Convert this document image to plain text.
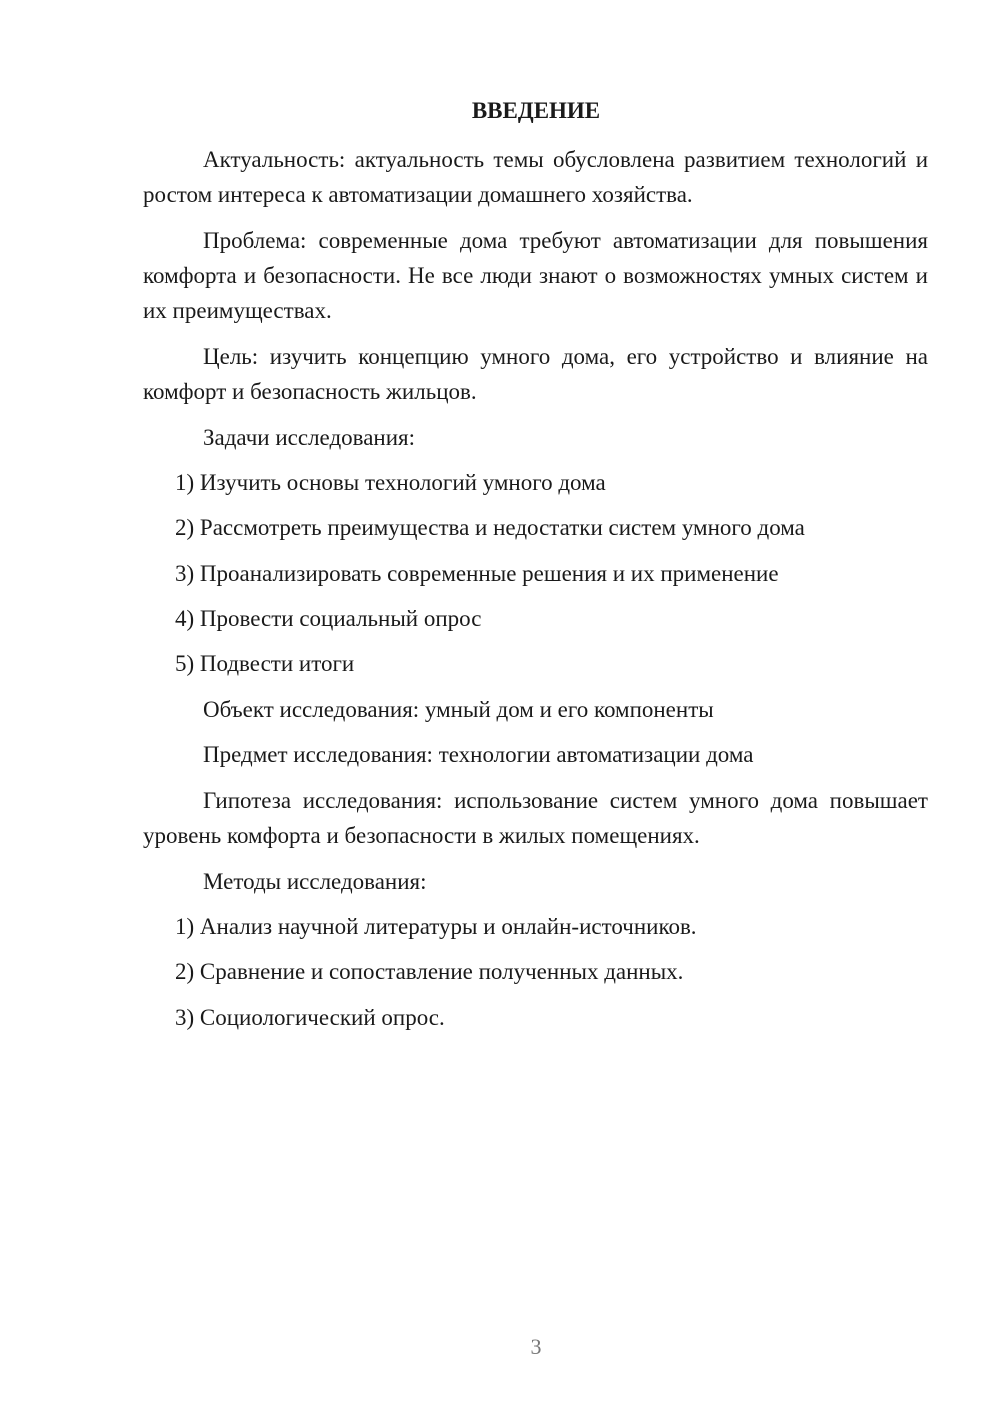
ВВЕДЕНИЕ

Актуальность: актуальность темы обусловлена развитием технологий и ростом интереса к автоматизации домашнего хозяйства.

Проблема: современные дома требуют автоматизации для повышения комфорта и безопасности. Не все люди знают о возможностях умных систем и их преимуществах.

Цель: изучить концепцию умного дома, его устройство и влияние на комфорт и безопасность жильцов.

Задачи исследования:

1) Изучить основы технологий умного дома

2) Рассмотреть преимущества и недостатки систем умного дома

3) Проанализировать современные решения и их применение

4) Провести социальный опрос

5) Подвести итоги

Объект исследования: умный дом и его компоненты

Предмет исследования: технологии автоматизации дома

Гипотеза исследования: использование систем умного дома повышает уровень комфорта и безопасности в жилых помещениях.

Методы исследования:

1) Анализ научной литературы и онлайн-источников.

2) Сравнение и сопоставление полученных данных.

3) Социологический опрос.

3
